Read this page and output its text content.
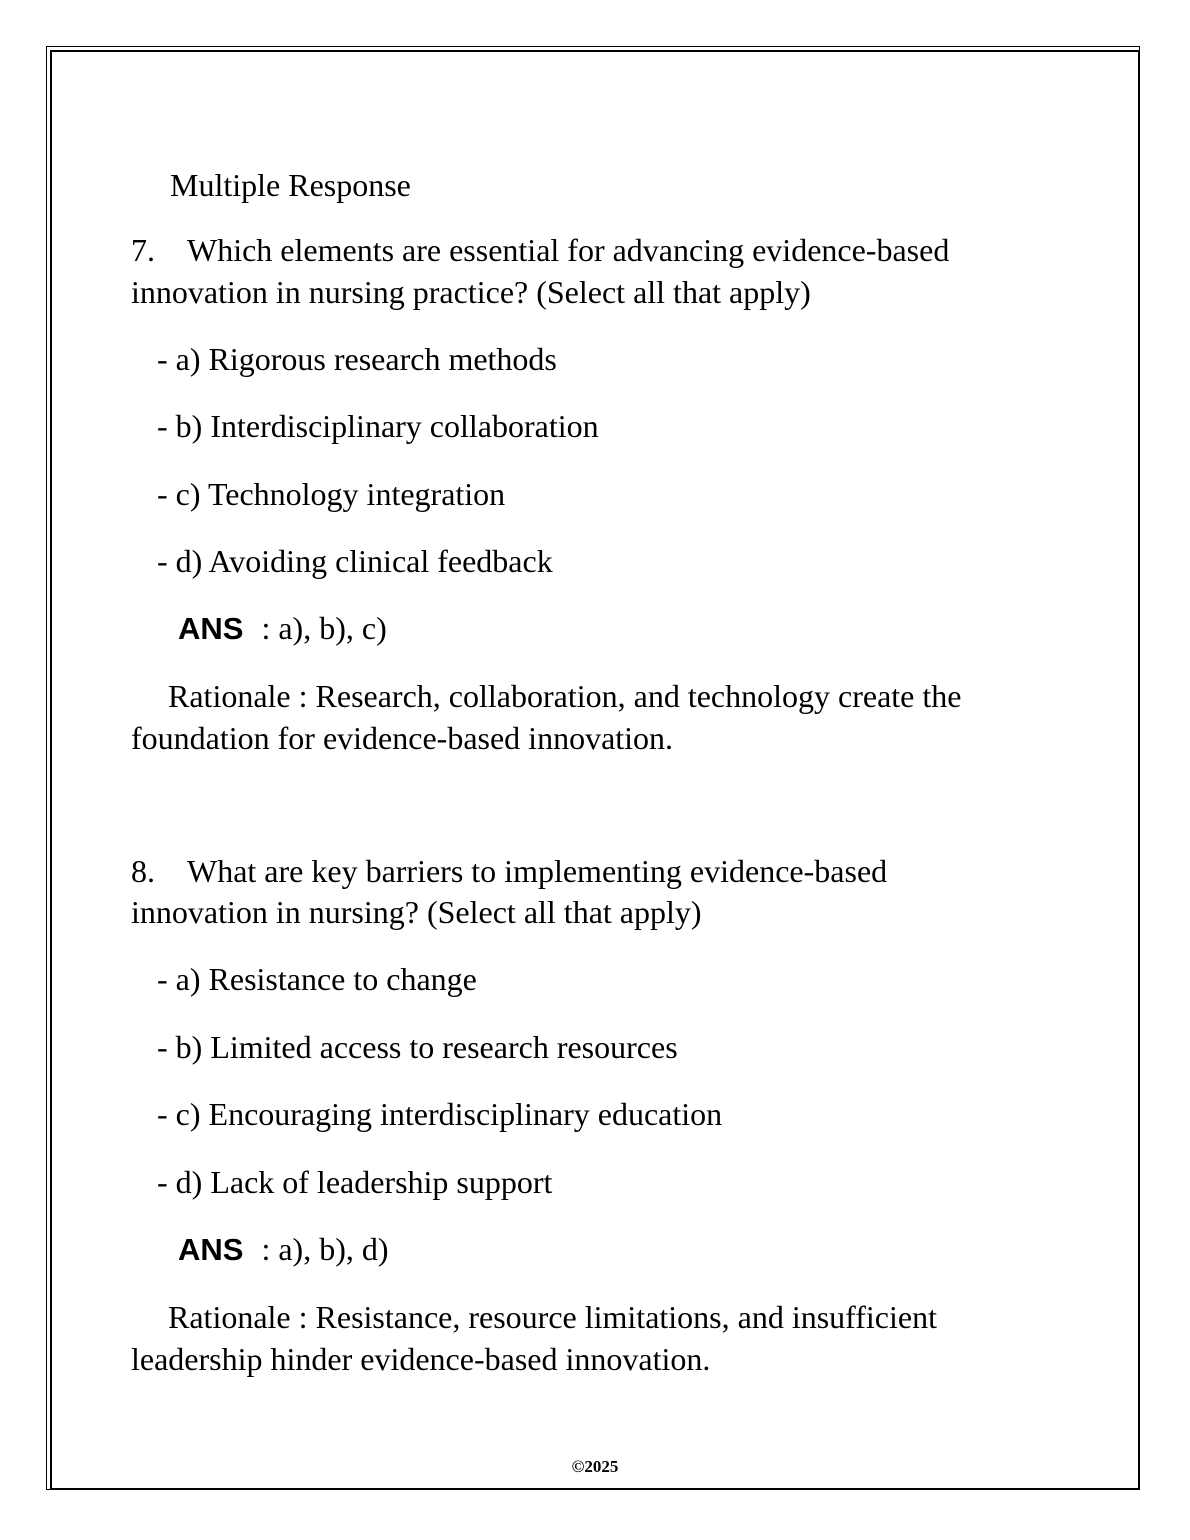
Multiple Response
7. Which elements are essential for advancing evidence-based
innovation in nursing practice? (Select all that apply)
- a) Rigorous research methods
- b) Interdisciplinary collaboration
- c) Technology integration
- d) Avoiding clinical feedback
ANS : a), b), c)
Rationale : Research, collaboration, and technology create the
foundation for evidence-based innovation.
8. What are key barriers to implementing evidence-based
innovation in nursing? (Select all that apply)
- a) Resistance to change
- b) Limited access to research resources
- c) Encouraging interdisciplinary education
- d) Lack of leadership support
ANS : a), b), d)
Rationale : Resistance, resource limitations, and insufficient
leadership hinder evidence-based innovation.
©2025
